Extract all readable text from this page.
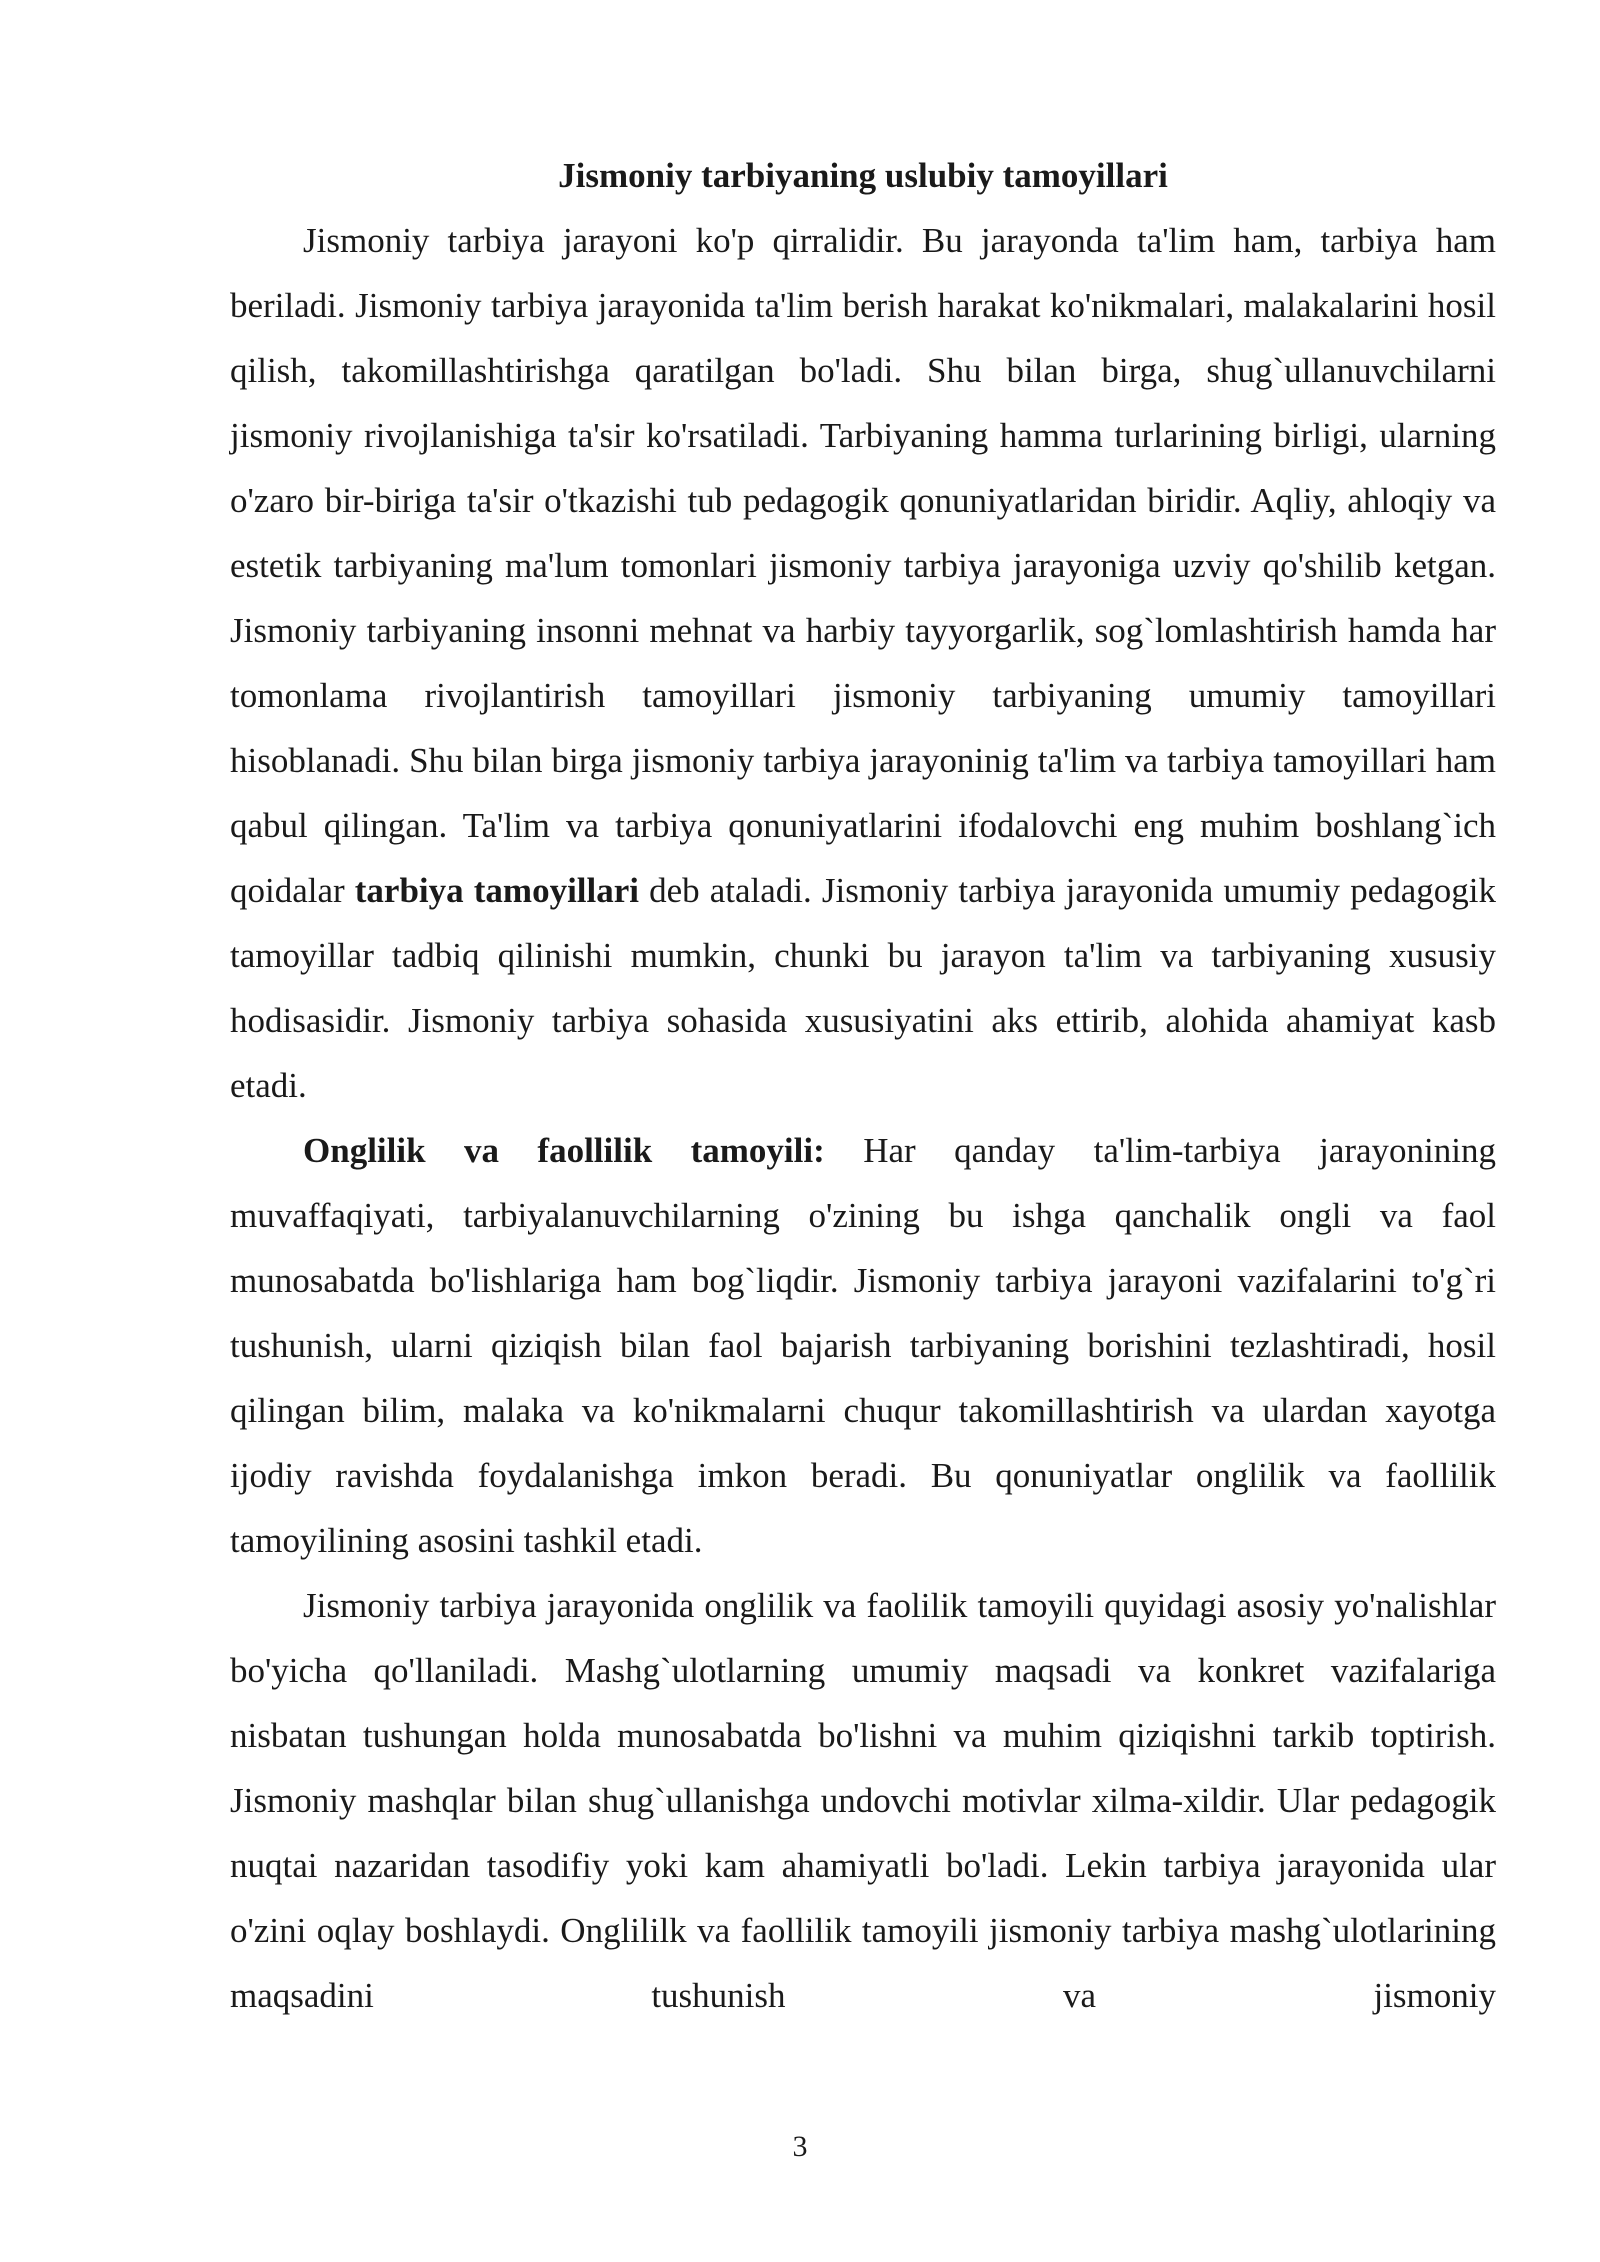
Jismoniy tarbiyaning uslubiy tamoyillari

Jismoniy tarbiya jarayoni ko'p qirralidir. Bu jarayonda ta'lim ham, tarbiya ham beriladi. Jismoniy tarbiya jarayonida ta'lim berish harakat ko'nikmalari, malakalarini hosil qilish, takomillashtirishga qaratilgan bo'ladi. Shu bilan birga, shug`ullanuvchilarni jismoniy rivojlanishiga ta'sir ko'rsatiladi. Tarbiyaning hamma turlarining birligi, ularning o'zaro bir-biriga ta'sir o'tkazishi tub pedagogik qonuniyatlaridan biridir. Aqliy, ahloqiy va estetik tarbiyaning ma'lum tomonlari jismoniy tarbiya jarayoniga uzviy qo'shilib ketgan. Jismoniy tarbiyaning insonni mehnat va harbiy tayyorgarlik, sog`lomlashtirish hamda har tomonlama rivojlantirish tamoyillari jismoniy tarbiyaning umumiy tamoyillari hisoblanadi. Shu bilan birga jismoniy tarbiya jarayoninig ta'lim va tarbiya tamoyillari ham qabul qilingan. Ta'lim va tarbiya qonuniyatlarini ifodalovchi eng muhim boshlang`ich qoidalar tarbiya tamoyillari deb ataladi. Jismoniy tarbiya jarayonida umumiy pedagogik tamoyillar tadbiq qilinishi mumkin, chunki bu jarayon ta'lim va tarbiyaning xususiy hodisasidir. Jismoniy tarbiya sohasida xususiyatini aks ettirib, alohida ahamiyat kasb etadi.

Onglilik va faollilik tamoyili: Har qanday ta'lim-tarbiya jarayonining muvaffaqiyati, tarbiyalanuvchilarning o'zining bu ishga qanchalik ongli va faol munosabatda bo'lishlariga ham bog`liqdir. Jismoniy tarbiya jarayoni vazifalarini to'g`ri tushunish, ularni qiziqish bilan faol bajarish tarbiyaning borishini tezlashtiradi, hosil qilingan bilim, malaka va ko'nikmalarni chuqur takomillashtirish va ulardan xayotga ijodiy ravishda foydalanishga imkon beradi. Bu qonuniyatlar onglilik va faollilik tamoyilining asosini tashkil etadi.

Jismoniy tarbiya jarayonida onglilik va faolilik tamoyili quyidagi asosiy yo'nalishlar bo'yicha qo'llaniladi. Mashg`ulotlarning umumiy maqsadi va konkret vazifalariga nisbatan tushungan holda munosabatda bo'lishni va muhim qiziqishni tarkib toptirish. Jismoniy mashqlar bilan shug`ullanishga undovchi motivlar xilma-xildir. Ular pedagogik nuqtai nazaridan tasodifiy yoki kam ahamiyatli bo'ladi. Lekin tarbiya jarayonida ular o'zini oqlay boshlaydi. Onglililk va faollilik tamoyili jismoniy tarbiya mashg`ulotlarining maqsadini tushunish va jismoniy

3
